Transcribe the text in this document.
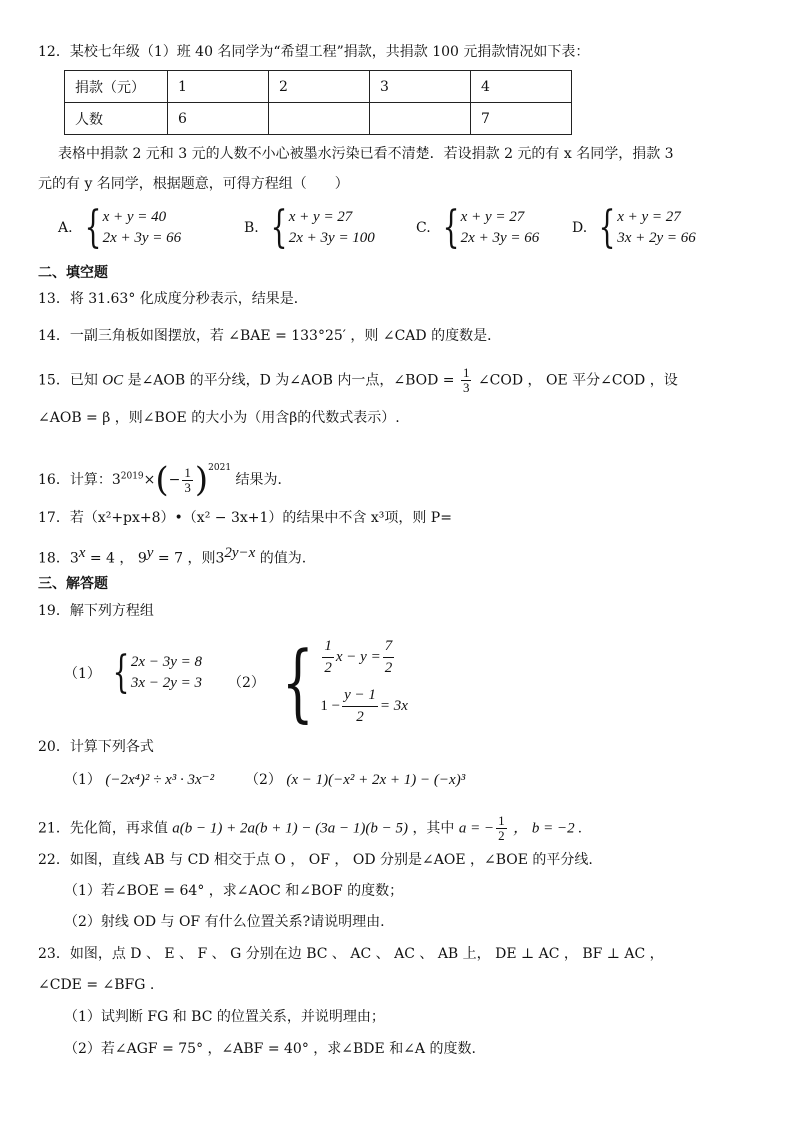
12．某校七年级（1）班 40 名同学为“希望工程”捐款，共捐款 100 元捐款情况如下表：
捐款（元）	1	2	3	4
人数	6			7
表格中捐款 2 元和 3 元的人数不小心被墨水污染已看不清楚．若设捐款 2 元的有 x 名同学，捐款 3
元的有 y 名同学，根据题意，可得方程组（　　）
A. { x + y = 40
2x + 3y = 66
B. { x + y = 27
2x + 3y = 100
C. { x + y = 27
2x + 3y = 66
D. { x + y = 27
3x + 2y = 66
二、填空题
13．将 31.63° 化成度分秒表示，结果是．
14．一副三角板如图摆放，若 ∠BAE = 133°25′ ，则 ∠CAD 的度数是．
15．已知 OC 是∠AOB 的平分线，D 为∠AOB 内一点，∠BOD = $\frac{1}{3}$ ∠COD ， OE 平分∠COD ，设
∠AOB = β ，则∠BOE 的大小为（用含β的代数式表示）.
16．计算：$3^{2019}\times(- \frac{1}{3} )^{2021}$ 结果为．
17．若（x²+px+8）•（x² − 3x+1）的结果中不含 x³项，则 P=
18．$3^x = 4$ ， $9^y = 7$ ，则$3^{2y-x}$ 的值为.
三、解答题
19．解下列方程组
（1） { 2x − 3y = 8
3x − 2y = 3 （2） { $\frac{1}{2}$ $x - y = \frac{7}{2}$
$1 - \frac{y - 1}{2} = 3x$
20．计算下列各式
（1） (−2x⁴)² ÷ x³ · 3x⁻² （2） (x − 1)(−x² + 2x + 1) − (−x)³
21．先化简，再求值 a(b − 1) + 2a(b + 1) − (3a − 1)(b − 5) ，其中 a = − $\frac{1}{2}$ ， b = −2 .
22．如图，直线 AB 与 CD 相交于点 O ， OF ， OD 分别是∠AOE ，∠BOE 的平分线.
（1）若∠BOE = 64° ，求∠AOC 和∠BOF 的度数；
（2）射线 OD 与 OF 有什么位置关系?请说明理由.
23．如图，点 D 、 E 、 F 、 G 分别在边 BC 、 AC 、 AC 、 AB 上， DE ⊥ AC ， BF ⊥ AC ，
∠CDE = ∠BFG .
（1）试判断 FG 和 BC 的位置关系，并说明理由；
（2）若∠AGF = 75° ，∠ABF = 40° ，求∠BDE 和∠A 的度数.
